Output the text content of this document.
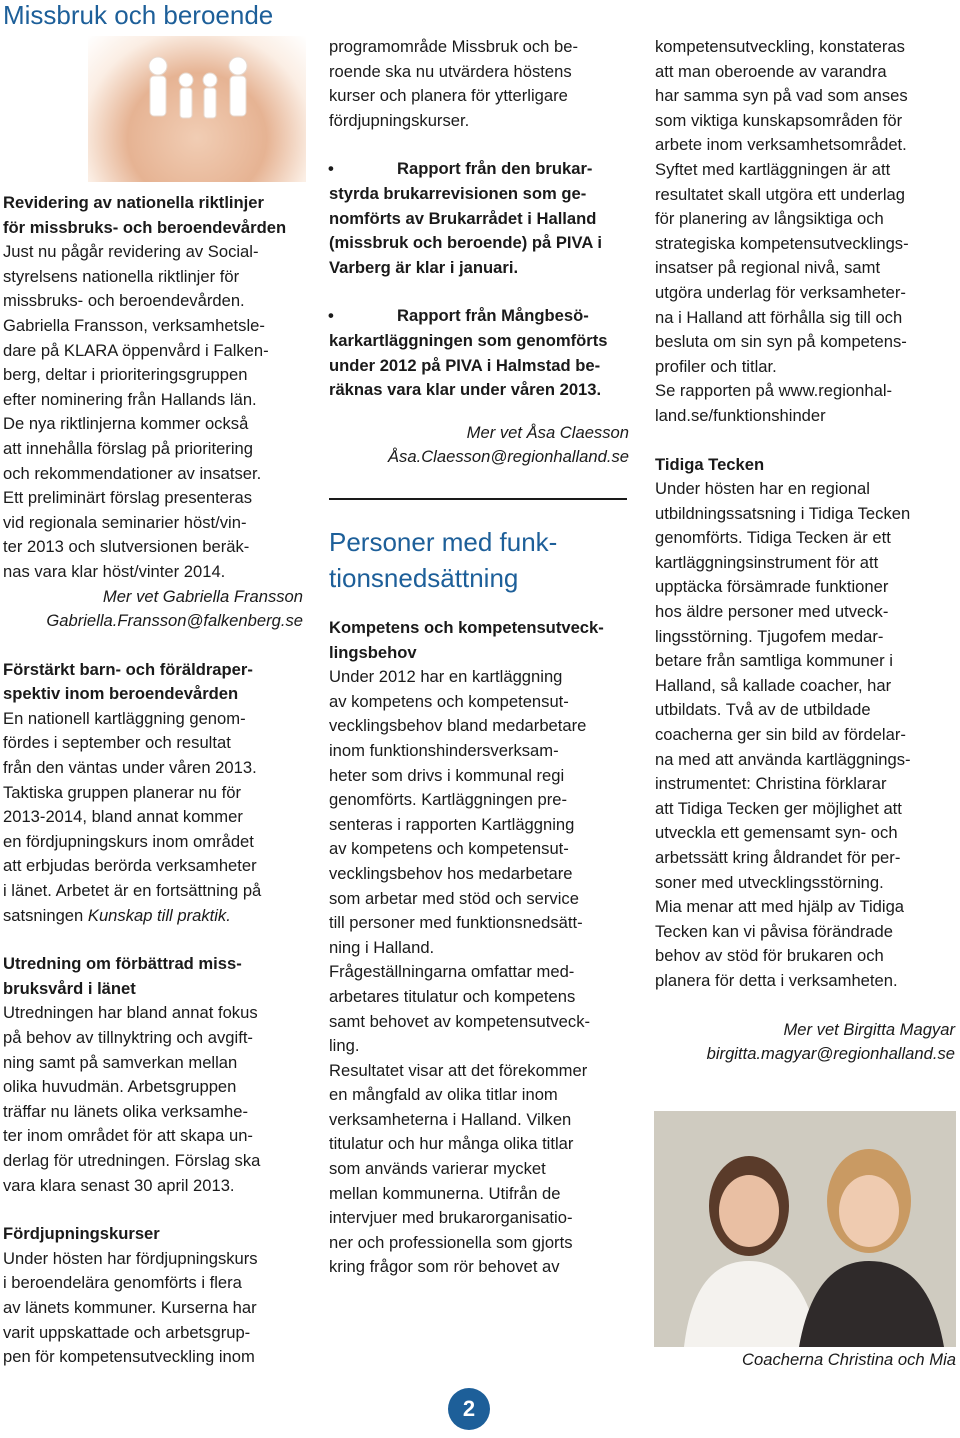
Missbruk och beroende

Revidering av nationella riktlinjer

för missbruks- och beroendevården

Just nu pågår revidering av Social-

styrelsens nationella riktlinjer för

missbruks- och beroendevården.

Gabriella Fransson, verksamhetsle-

dare på KLARA öppenvård i Falken-

berg, deltar i prioriteringsgruppen

efter nominering från Hallands län.

De nya riktlinjerna kommer också

att innehålla förslag på prioritering

och rekommendationer av insatser.

Ett preliminärt förslag presenteras

vid regionala seminarier höst/vin-

ter 2013 och slutversionen beräk-

nas vara klar höst/vinter 2014.

Mer vet Gabriella Fransson

Gabriella.Fransson@falkenberg.se

Förstärkt barn- och föräldraper-

spektiv inom beroendevården

En nationell kartläggning genom-

fördes i september och resultat

från den väntas under våren 2013.

Taktiska gruppen planerar nu för

2013-2014, bland annat kommer

en fördjupningskurs inom området

att erbjudas berörda verksamheter

i länet. Arbetet är en fortsättning på

satsningen Kunskap till praktik.

Utredning om förbättrad miss-

bruksvård i länet

Utredningen har bland annat fokus

på behov av tillnyktring och avgift-

ning samt på samverkan mellan

olika huvudmän. Arbetsgruppen

träffar nu länets olika verksamhe-

ter inom området för att skapa un-

derlag för utredningen. Förslag ska

vara klara senast 30 april 2013.

Fördjupningskurser

Under hösten har fördjupningskurs

i beroendelära genomförts i flera

av länets kommuner. Kurserna har

varit uppskattade och arbetsgrup-

pen för kompetensutveckling inom

programområde Missbruk och be-

roende ska nu utvärdera höstens

kurser och planera för ytterligare

fördjupningskurser.

•	Rapport från den brukar-

styrda brukarrevisionen som ge-

nomförts av Brukarrådet i Halland

(missbruk och beroende) på PIVA i

Varberg är klar i januari.

•	Rapport från Mångbesö-

karkartläggningen som genomförts

under 2012 på PIVA i Halmstad be-

räknas vara klar under våren 2013.

Mer vet Åsa Claesson

Åsa.Claesson@regionhalland.se

Personer med funk-

tionsnedsättning

Kompetens och kompetensutveck-

lingsbehov

Under 2012 har en kartläggning

av kompetens och kompetensut-

vecklingsbehov bland medarbetare

inom funktionshindersverksam-

heter som drivs i kommunal regi

genomförts. Kartläggningen pre-

senteras i rapporten Kartläggning

av kompetens och kompetensut-

vecklingsbehov hos medarbetare

som arbetar med stöd och service

till personer med funktionsnedsätt-

ning i Halland.

Frågeställningarna omfattar med-

arbetares titulatur och kompetens

samt behovet av kompetensutveck-

ling.

Resultatet visar att det förekommer

en mångfald av olika titlar inom

verksamheterna i Halland. Vilken

titulatur och hur många olika titlar

som används varierar mycket

mellan kommunerna. Utifrån de

intervjuer med brukarorganisatio-

ner och professionella som gjorts

kring frågor som rör behovet av

kompetensutveckling, konstateras

att man oberoende av varandra

har samma syn på vad som anses

som viktiga kunskapsområden för

arbete inom verksamhetsområdet.

Syftet med kartläggningen är att

resultatet skall utgöra ett underlag

för planering av långsiktiga och

strategiska kompetensutvecklings-

insatser på regional nivå, samt

utgöra underlag för verksamheter-

na i Halland att förhålla sig till och

besluta om sin syn på kompetens-

profiler och titlar.

Se rapporten på www.regionhal-

land.se/funktionshinder

Tidiga Tecken

Under hösten har en regional

utbildningssatsning i Tidiga Tecken

genomförts. Tidiga Tecken är ett

kartläggningsinstrument för att

upptäcka försämrade funktioner

hos äldre personer med utveck-

lingsstörning. Tjugofem medar-

betare från samtliga kommuner i

Halland, så kallade coacher, har

utbildats. Två av de utbildade

coacherna ger sin bild av fördelar-

na med att använda kartläggnings-

instrumentet: Christina förklarar

att Tidiga Tecken ger möjlighet att

utveckla ett gemensamt syn- och

arbetssätt kring åldrandet för per-

soner med utvecklingsstörning.

Mia menar att med hjälp av Tidiga

Tecken kan vi påvisa förändrade

behov av stöd för brukaren och

planera för detta i verksamheten.

Mer vet Birgitta Magyar

birgitta.magyar@regionhalland.se

Coacherna Christina och Mia
2
